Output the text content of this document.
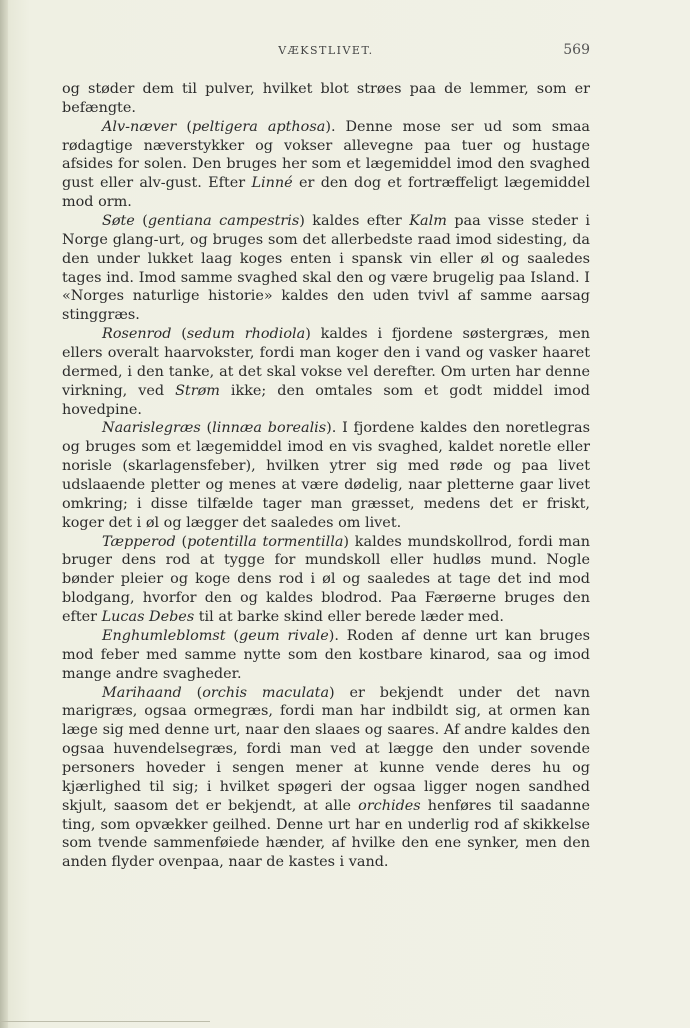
VÆKSTLIVET.	569

og støder dem til pulver, hvilket blot strøes paa de lemmer, som er befængte.

Alv-næver (peltigera apthosa). Denne mose ser ud som smaa rødagtige næverstykker og vokser allevegne paa tuer og hustage afsides for solen. Den bruges her som et lægemiddel imod den svaghed gust eller alv-gust. Efter Linné er den dog et fortræffeligt lægemiddel mod orm.

Søte (gentiana campestris) kaldes efter Kalm paa visse steder i Norge glang-urt, og bruges som det allerbedste raad imod sidesting, da den under lukket laag koges enten i spansk vin eller øl og saaledes tages ind. Imod samme svaghed skal den og være brugelig paa Island. I «Norges naturlige historie» kaldes den uden tvivl af samme aarsag stinggræs.

Rosenrod (sedum rhodiola) kaldes i fjordene søstergræs, men ellers overalt haarvokster, fordi man koger den i vand og vasker haaret dermed, i den tanke, at det skal vokse vel derefter. Om urten har denne virkning, ved Strøm ikke; den omtales som et godt middel imod hovedpine.

Naarislegræs (linnæa borealis). I fjordene kaldes den noretlegras og bruges som et lægemiddel imod en vis svaghed, kaldet noretle eller norisle (skarlagensfeber), hvilken ytrer sig med røde og paa livet udslaaende pletter og menes at være dødelig, naar pletterne gaar livet omkring; i disse tilfælde tager man græsset, medens det er friskt, koger det i øl og lægger det saaledes om livet.

Tæpperod (potentilla tormentilla) kaldes mundskollrod, fordi man bruger dens rod at tygge for mundskoll eller hudløs mund. Nogle bønder pleier og koge dens rod i øl og saaledes at tage det ind mod blodgang, hvorfor den og kaldes blodrod. Paa Færøerne bruges den efter Lucas Debes til at barke skind eller berede læder med.

Enghumleblomst (geum rivale). Roden af denne urt kan bruges mod feber med samme nytte som den kostbare kinarod, saa og imod mange andre svagheder.

Marihaand (orchis maculata) er bekjendt under det navn marigræs, ogsaa ormegræs, fordi man har indbildt sig, at ormen kan læge sig med denne urt, naar den slaaes og saares. Af andre kaldes den ogsaa huvendelsegræs, fordi man ved at lægge den under sovende personers hoveder i sengen mener at kunne vende deres hu og kjærlighed til sig; i hvilket spøgeri der ogsaa ligger nogen sandhed skjult, saasom det er bekjendt, at alle orchides henføres til saadanne ting, som opvækker geilhed. Denne urt har en underlig rod af skikkelse som tvende sammenføiede hænder, af hvilke den ene synker, men den anden flyder ovenpaa, naar de kastes i vand.
